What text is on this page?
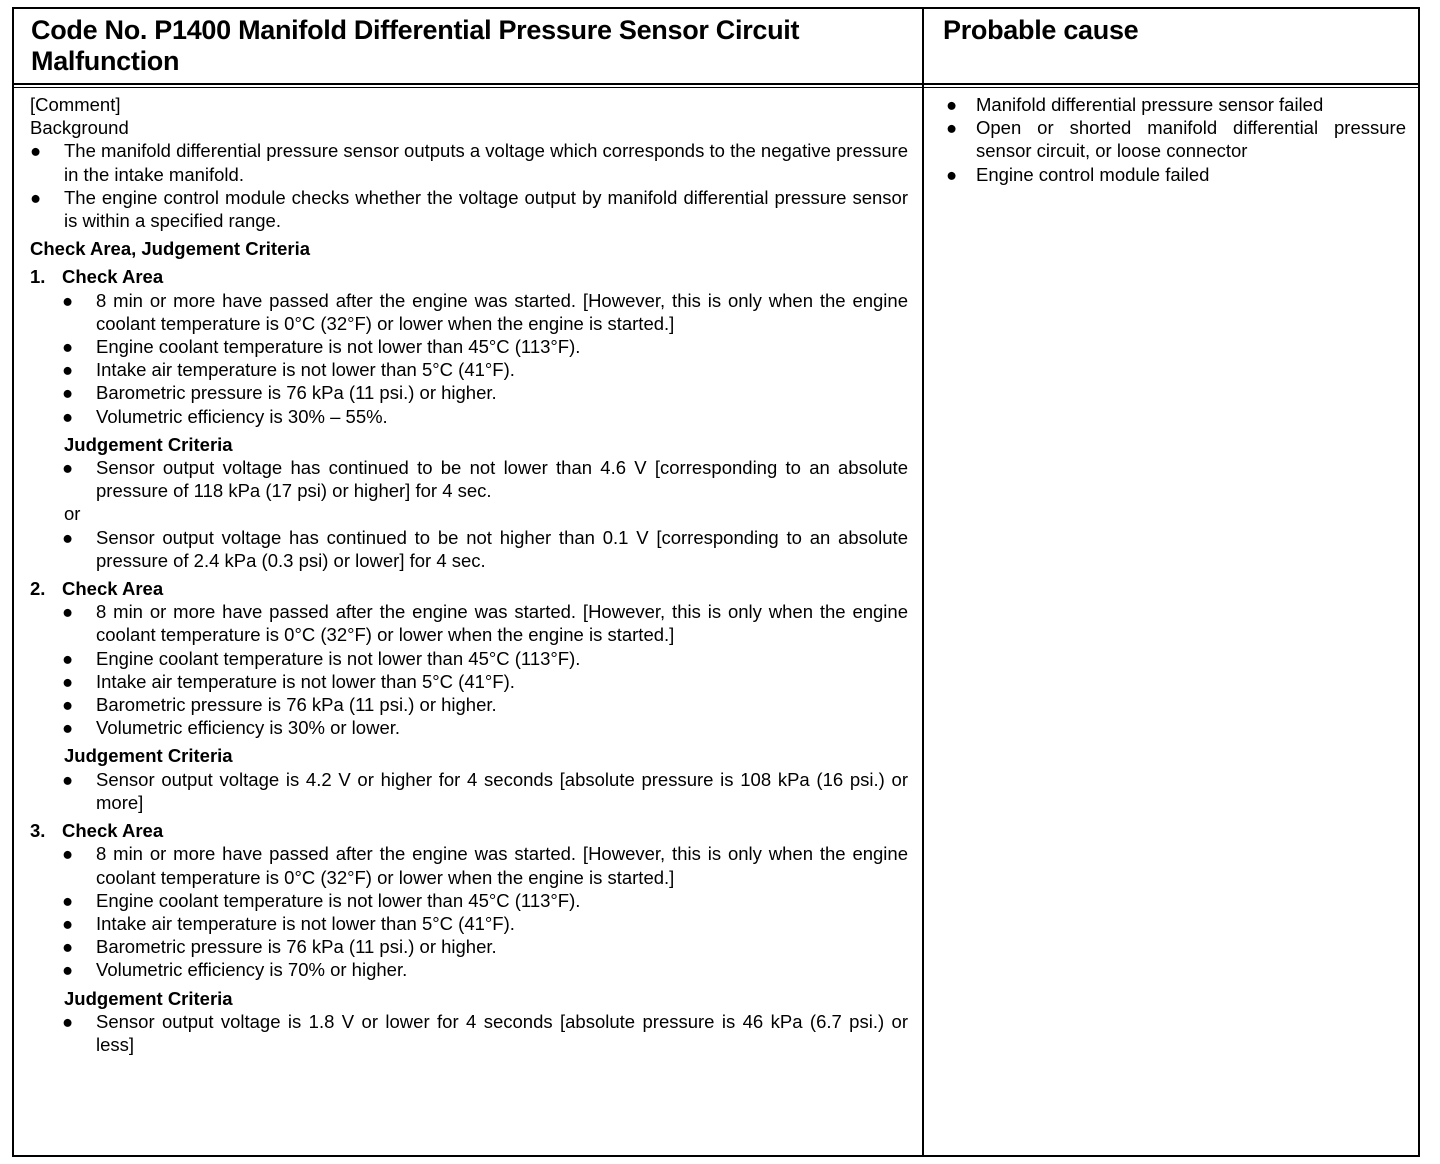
Code No. P1400 Manifold Differential Pressure Sensor Circuit Malfunction
Probable cause
[Comment]
Background
● The manifold differential pressure sensor outputs a voltage which corresponds to the negative pressure in the intake manifold.
● The engine control module checks whether the voltage output by manifold differential pressure sensor is within a specified range.
Check Area, Judgement Criteria
1. Check Area
● 8 min or more have passed after the engine was started. [However, this is only when the engine coolant temperature is 0°C (32°F) or lower when the engine is started.]
● Engine coolant temperature is not lower than 45°C (113°F).
● Intake air temperature is not lower than 5°C (41°F).
● Barometric pressure is 76 kPa (11 psi.) or higher.
● Volumetric efficiency is 30% – 55%.
Judgement Criteria
● Sensor output voltage has continued to be not lower than 4.6 V [corresponding to an absolute pressure of 118 kPa (17 psi) or higher] for 4 sec.
or
● Sensor output voltage has continued to be not higher than 0.1 V [corresponding to an absolute pressure of 2.4 kPa (0.3 psi) or lower] for 4 sec.
2. Check Area
● 8 min or more have passed after the engine was started. [However, this is only when the engine coolant temperature is 0°C (32°F) or lower when the engine is started.]
● Engine coolant temperature is not lower than 45°C (113°F).
● Intake air temperature is not lower than 5°C (41°F).
● Barometric pressure is 76 kPa (11 psi.) or higher.
● Volumetric efficiency is 30% or lower.
Judgement Criteria
● Sensor output voltage is 4.2 V or higher for 4 seconds [absolute pressure is 108 kPa (16 psi.) or more]
3. Check Area
● 8 min or more have passed after the engine was started. [However, this is only when the engine coolant temperature is 0°C (32°F) or lower when the engine is started.]
● Engine coolant temperature is not lower than 45°C (113°F).
● Intake air temperature is not lower than 5°C (41°F).
● Barometric pressure is 76 kPa (11 psi.) or higher.
● Volumetric efficiency is 70% or higher.
Judgement Criteria
● Sensor output voltage is 1.8 V or lower for 4 seconds [absolute pressure is 46 kPa (6.7 psi.) or less]
● Manifold differential pressure sensor failed
● Open or shorted manifold differential pressure sensor circuit, or loose connector
● Engine control module failed
